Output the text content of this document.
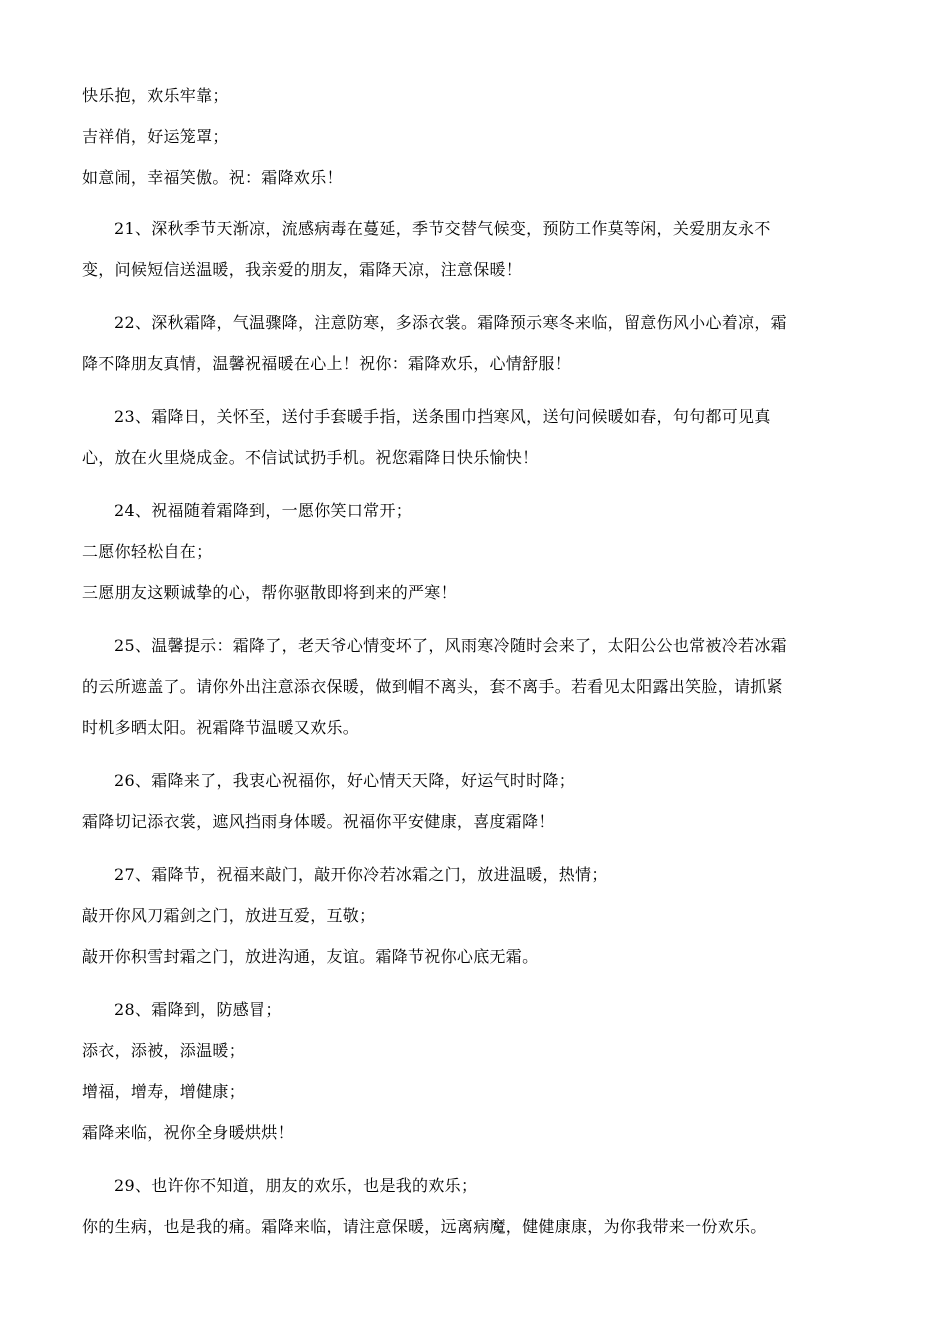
快乐抱，欢乐牢靠；
吉祥俏，好运笼罩；
如意闹，幸福笑傲。祝：霜降欢乐！
21、深秋季节天渐凉，流感病毒在蔓延，季节交替气候变，预防工作莫等闲，关爱朋友永不
变，问候短信送温暖，我亲爱的朋友，霜降天凉，注意保暖！
22、深秋霜降，气温骤降，注意防寒，多添衣裳。霜降预示寒冬来临，留意伤风小心着凉，霜
降不降朋友真情，温馨祝福暖在心上！祝你：霜降欢乐，心情舒服！
23、霜降日，关怀至，送付手套暖手指，送条围巾挡寒风，送句问候暖如春，句句都可见真
心，放在火里烧成金。不信试试扔手机。祝您霜降日快乐愉快！
24、祝福随着霜降到，一愿你笑口常开；
二愿你轻松自在；
三愿朋友这颗诚挚的心，帮你驱散即将到来的严寒！
25、温馨提示：霜降了，老天爷心情变坏了，风雨寒冷随时会来了，太阳公公也常被冷若冰霜
的云所遮盖了。请你外出注意添衣保暖，做到帽不离头，套不离手。若看见太阳露出笑脸，请抓紧
时机多晒太阳。祝霜降节温暖又欢乐。
26、霜降来了，我衷心祝福你，好心情天天降，好运气时时降；
霜降切记添衣裳，遮风挡雨身体暖。祝福你平安健康，喜度霜降！
27、霜降节，祝福来敲门，敲开你冷若冰霜之门，放进温暖，热情；
敲开你风刀霜剑之门，放进互爱，互敬；
敲开你积雪封霜之门，放进沟通，友谊。霜降节祝你心底无霜。
28、霜降到，防感冒；
添衣，添被，添温暖；
增福，增寿，增健康；
霜降来临，祝你全身暖烘烘！
29、也许你不知道，朋友的欢乐，也是我的欢乐；
你的生病，也是我的痛。霜降来临，请注意保暖，远离病魔，健健康康，为你我带来一份欢乐。
